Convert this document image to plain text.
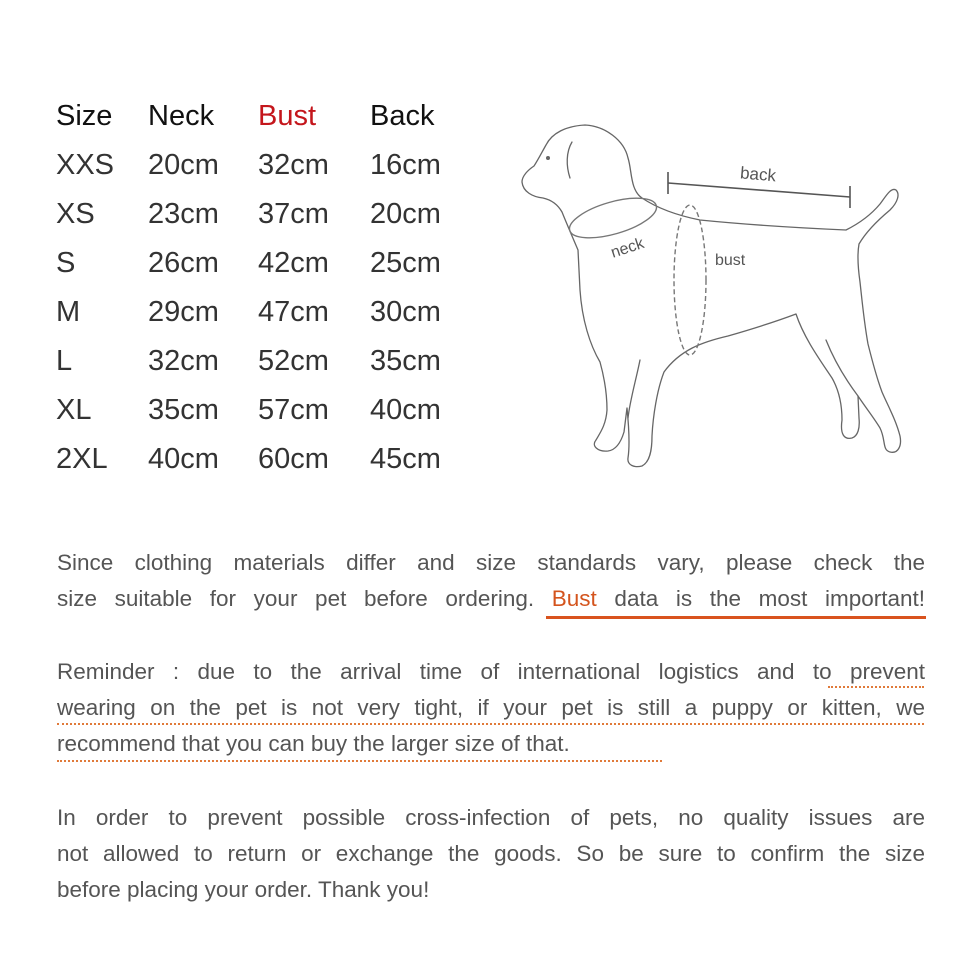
Size	Neck	Bust	Back
XXS	20cm	32cm	16cm
XS	23cm	37cm	20cm
S	26cm	42cm	25cm
M	29cm	47cm	30cm
L	32cm	52cm	35cm
XL	35cm	57cm	40cm
2XL	40cm	60cm	45cm
back
neck	bust

Since clothing materials differ and size standards vary, please check the
size suitable for your pet before ordering. Bust data is the most important!

Reminder : due to the arrival time of international logistics and to prevent
wearing on the pet is not very tight, if your pet is still a puppy or kitten, we
recommend that you can buy the larger size of that.

In order to prevent possible cross-infection of pets, no quality issues are
not allowed to return or exchange the goods. So be sure to confirm the size
before placing your order. Thank you!
